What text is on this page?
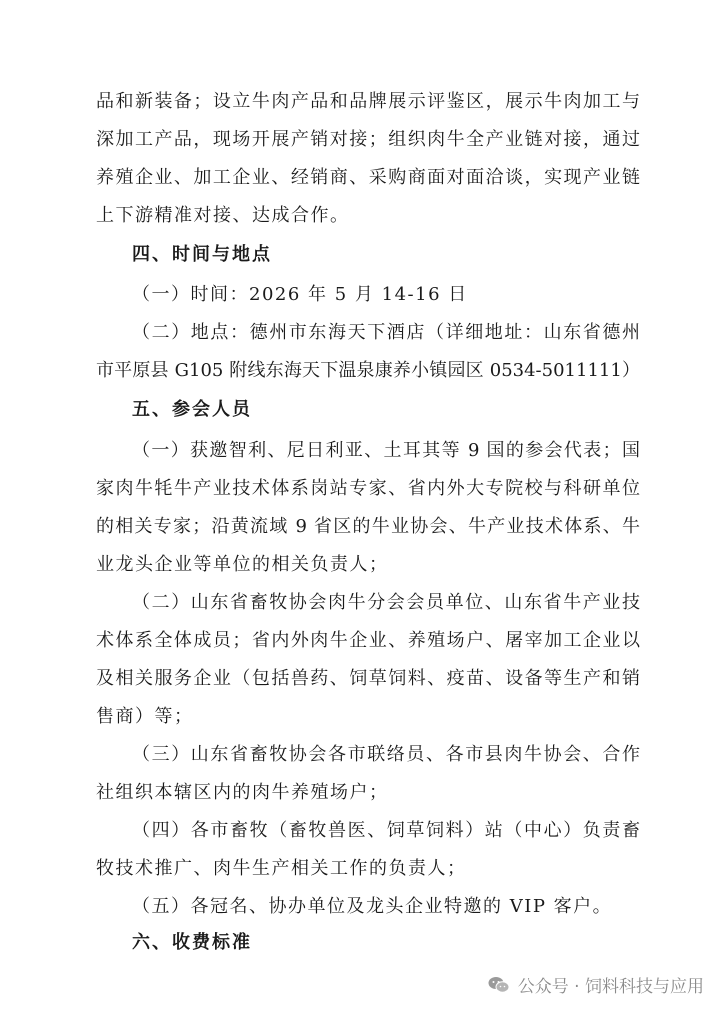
品和新装备；设立牛肉产品和品牌展示评鉴区，展示牛肉加工与
深加工产品，现场开展产销对接；组织肉牛全产业链对接，通过
养殖企业、加工企业、经销商、采购商面对面洽谈，实现产业链
上下游精准对接、达成合作。
四、时间与地点
（一）时间：2026 年 5 月 14-16 日
（二）地点：德州市东海天下酒店（详细地址：山东省德州
市平原县 G105 附线东海天下温泉康养小镇园区 0534-5011111）
五、参会人员
（一）获邀智利、尼日利亚、土耳其等 9 国的参会代表；国
家肉牛牦牛产业技术体系岗站专家、省内外大专院校与科研单位
的相关专家；沿黄流域 9 省区的牛业协会、牛产业技术体系、牛
业龙头企业等单位的相关负责人；
（二）山东省畜牧协会肉牛分会会员单位、山东省牛产业技
术体系全体成员；省内外肉牛企业、养殖场户、屠宰加工企业以
及相关服务企业（包括兽药、饲草饲料、疫苗、设备等生产和销
售商）等；
（三）山东省畜牧协会各市联络员、各市县肉牛协会、合作
社组织本辖区内的肉牛养殖场户；
（四）各市畜牧（畜牧兽医、饲草饲料）站（中心）负责畜
牧技术推广、肉牛生产相关工作的负责人；
（五）各冠名、协办单位及龙头企业特邀的 VIP 客户。
六、收费标准
公众号 · 饲料科技与应用
